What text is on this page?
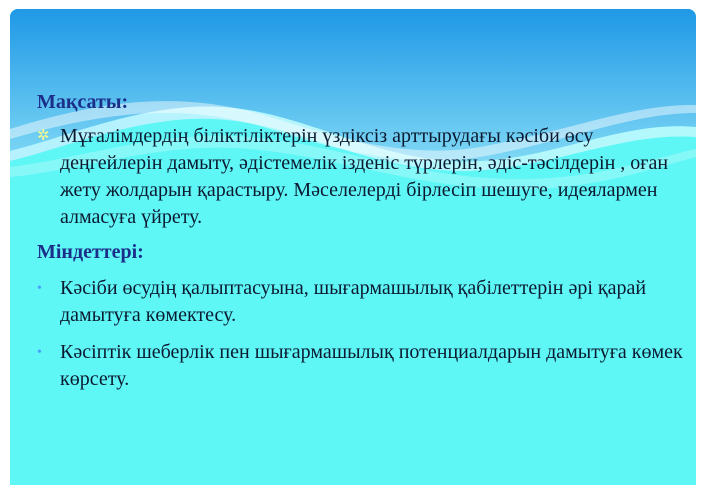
Мақсаты:
✲ Мұғалімдердің біліктіліктерін үздіксіз арттырудағы кәсіби өсу деңгейлерін дамыту, әдістемелік ізденіс түрлерін, әдіс-тәсілдерін , оған жету жолдарын қарастыру. Мәселелерді бірлесіп шешуге, идеялармен алмасуға үйрету.
Міндеттері:
• Кәсіби өсудің қалыптасуына, шығармашылық қабілеттерін әрі қарай дамытуға көмектесу.
• Кәсіптік шеберлік пен шығармашылық потенциалдарын дамытуға көмек көрсету.
